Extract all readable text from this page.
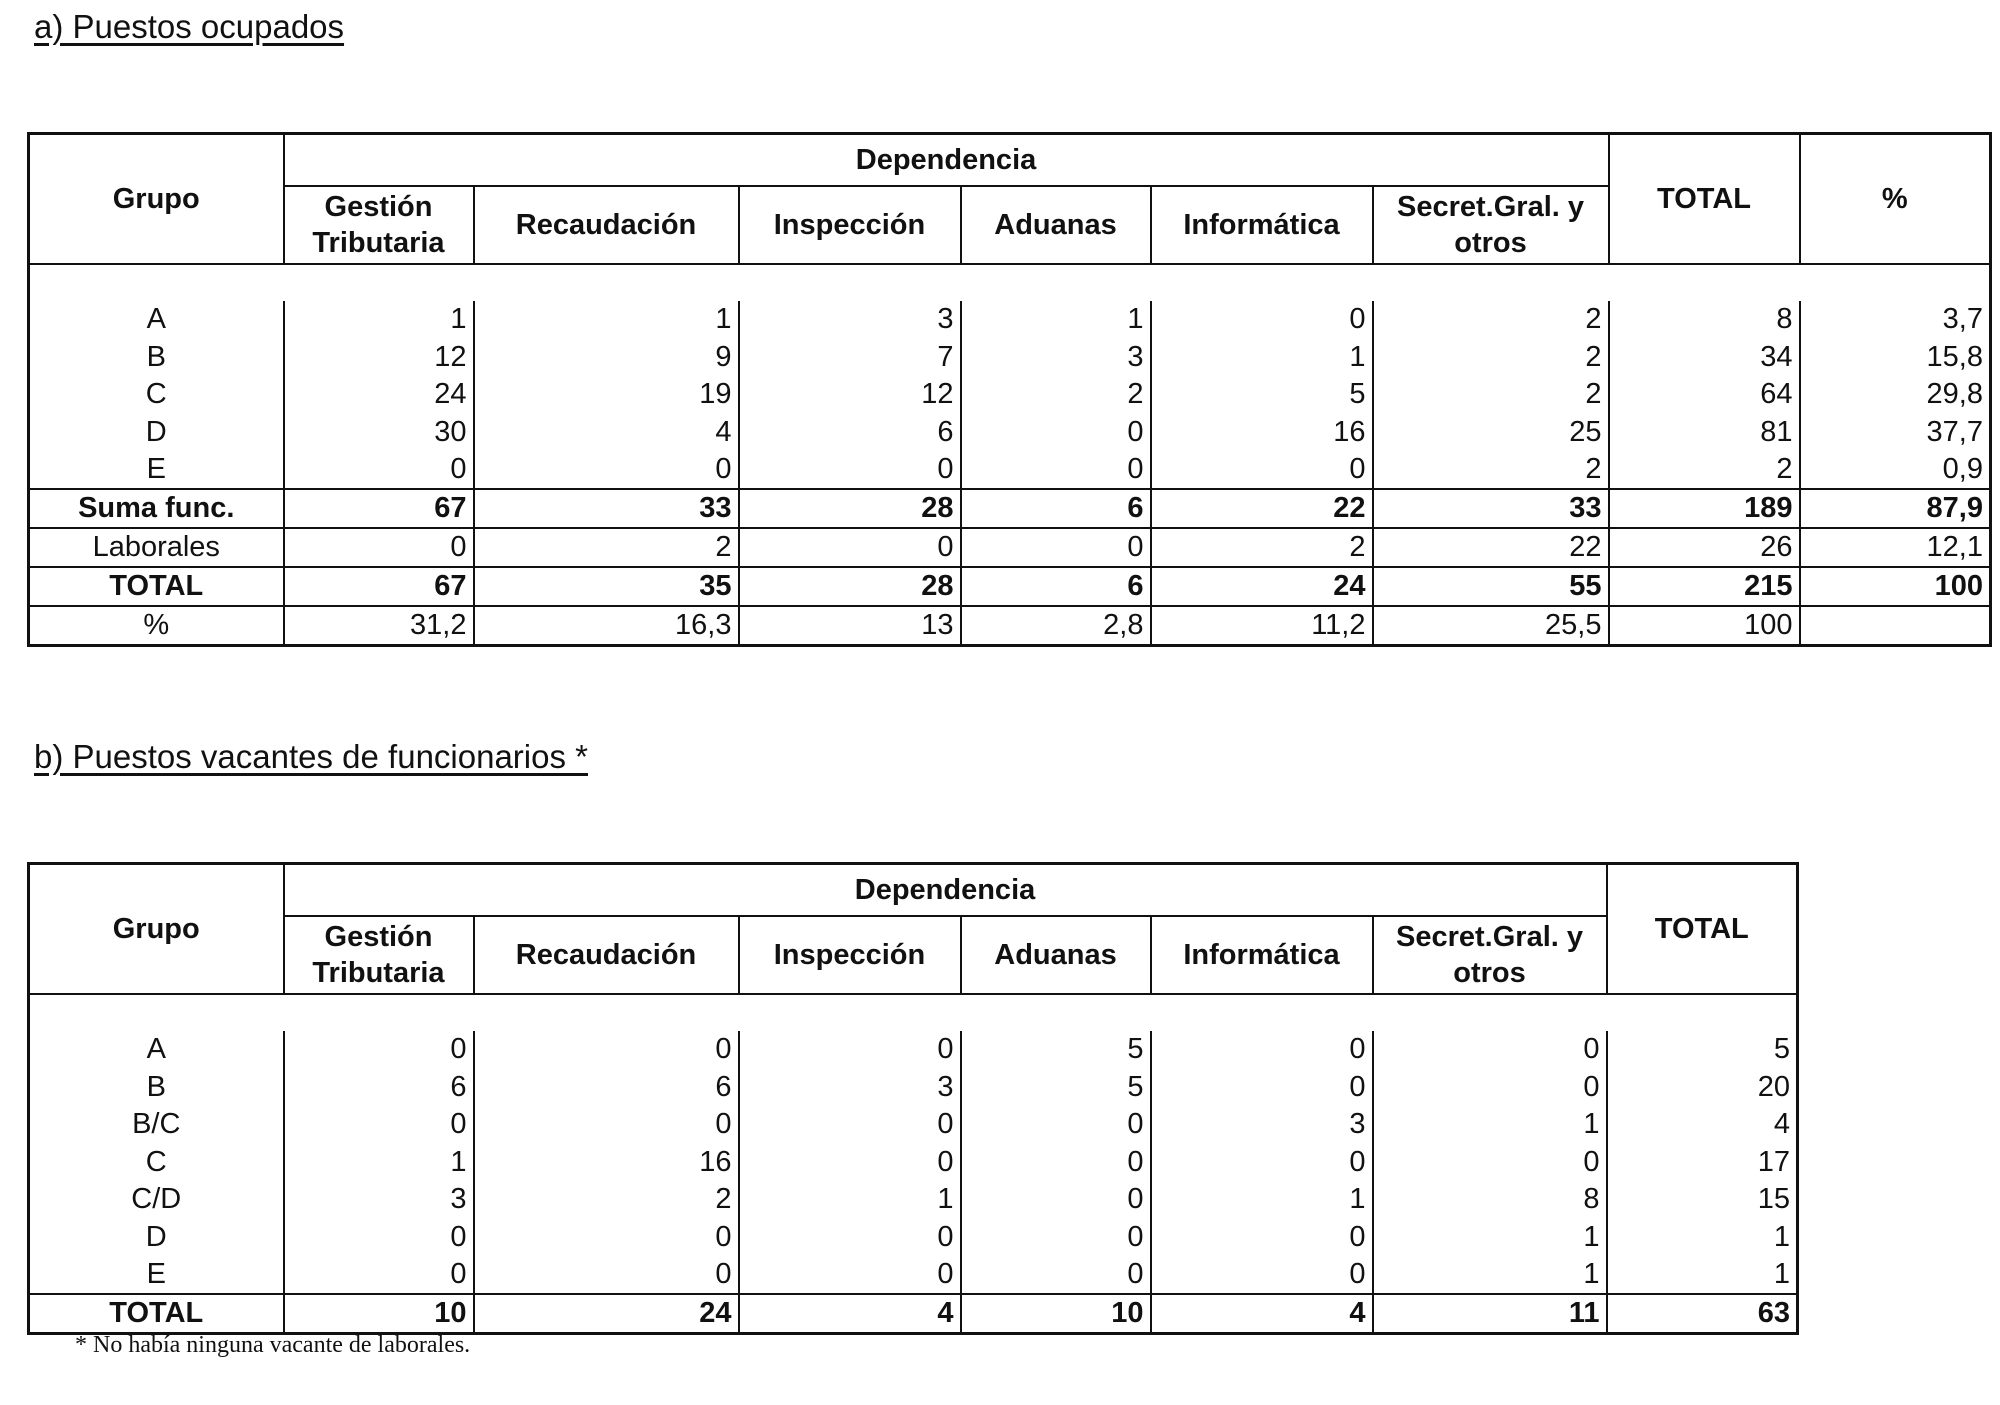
a) Puestos ocupados
Grupo	Dependencia						TOTAL	%
	Gestión Tributaria	Recaudación	Inspección	Aduanas	Informática	Secret.Gral. y otros		

A	1	1	3	1	0	2	8	3,7
B	12	9	7	3	1	2	34	15,8
C	24	19	12	2	5	2	64	29,8
D	30	4	6	0	16	25	81	37,7
E	0	0	0	0	0	2	2	0,9
Suma func.	67	33	28	6	22	33	189	87,9
Laborales	0	2	0	0	2	22	26	12,1
TOTAL	67	35	28	6	24	55	215	100
%	31,2	16,3	13	2,8	11,2	25,5	100	
b) Puestos vacantes de funcionarios *
Grupo	Dependencia						TOTAL
	Gestión Tributaria	Recaudación	Inspección	Aduanas	Informática	Secret.Gral. y otros	

A	0	0	0	5	0	0	5
B	6	6	3	5	0	0	20
B/C	0	0	0	0	3	1	4
C	1	16	0	0	0	0	17
C/D	3	2	1	0	1	8	15
D	0	0	0	0	0	1	1
E	0	0	0	0	0	1	1
TOTAL	10	24	4	10	4	11	63

* No había ninguna vacante de laborales.
